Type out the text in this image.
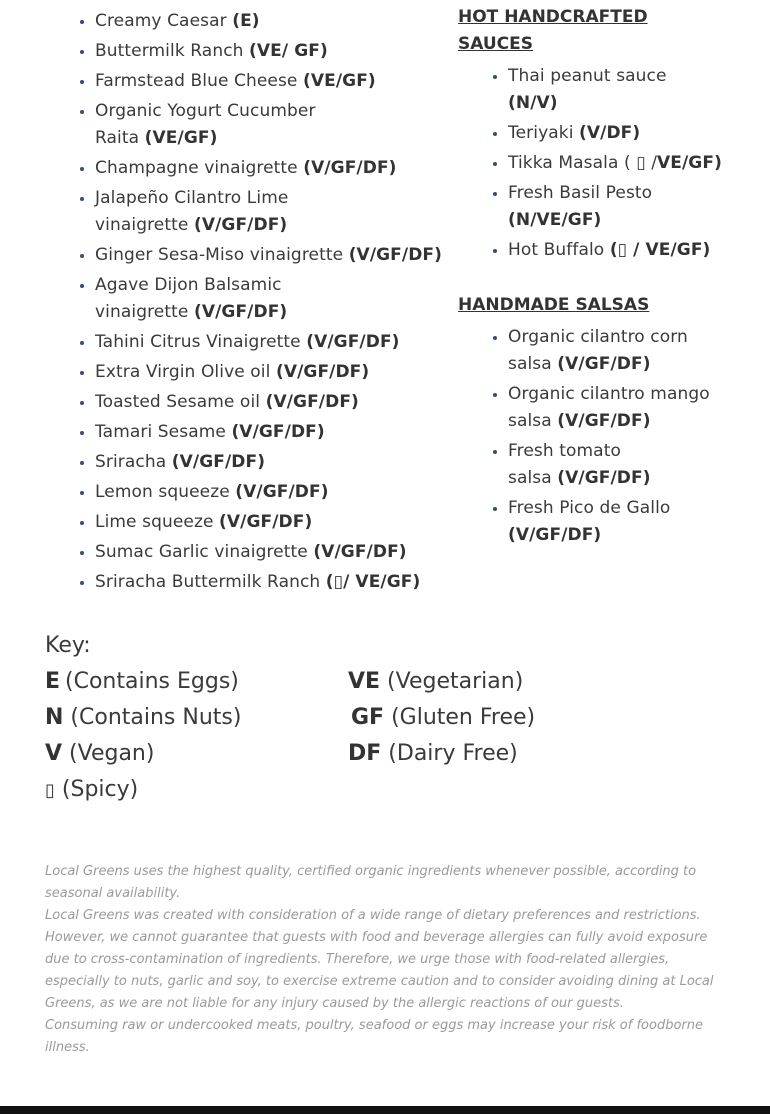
• Creamy Caesar (E)
• Buttermilk Ranch (VE/ GF)
• Farmstead Blue Cheese (VE/GF)
• Organic Yogurt Cucumber Raita (VE/GF)
• Champagne vinaigrette (V/GF/DF)
• Jalapeño Cilantro Lime vinaigrette (V/GF/DF)
• Ginger Sesa-Miso vinaigrette (V/GF/DF)
• Agave Dijon Balsamic vinaigrette (V/GF/DF)
• Tahini Citrus Vinaigrette (V/GF/DF)
• Extra Virgin Olive oil (V/GF/DF)
• Toasted Sesame oil (V/GF/DF)
• Tamari Sesame (V/GF/DF)
• Sriracha (V/GF/DF)
• Lemon squeeze (V/GF/DF)
• Lime squeeze (V/GF/DF)
• Sumac Garlic vinaigrette (V/GF/DF)
• Sriracha Buttermilk Ranch (▯/ VE/GF)
HOT HANDCRAFTED SAUCES
• Thai peanut sauce (N/V)
• Teriyaki (V/DF)
• Tikka Masala ( ▯ /VE/GF)
• Fresh Basil Pesto (N/VE/GF)
• Hot Buffalo (▯ / VE/GF)
HANDMADE SALSAS
• Organic cilantro corn salsa (V/GF/DF)
• Organic cilantro mango salsa (V/GF/DF)
• Fresh tomato salsa (V/GF/DF)
• Fresh Pico de Gallo (V/GF/DF)
Key:
E (Contains Eggs)	VE (Vegetarian)
N (Contains Nuts)	GF (Gluten Free)
V (Vegan)	DF (Dairy Free)
▯ (Spicy)

Local Greens uses the highest quality, certified organic ingredients whenever possible, according to seasonal availability.

Local Greens was created with consideration of a wide range of dietary preferences and restrictions. However, we cannot guarantee that guests with food and beverage allergies can fully avoid exposure due to cross-contamination of ingredients. Therefore, we urge those with food-related allergies, especially to nuts, garlic and soy, to exercise extreme caution and to consider avoiding dining at Local Greens, as we are not liable for any injury caused by the allergic reactions of our guests.

Consuming raw or undercooked meats, poultry, seafood or eggs may increase your risk of foodborne illness.
